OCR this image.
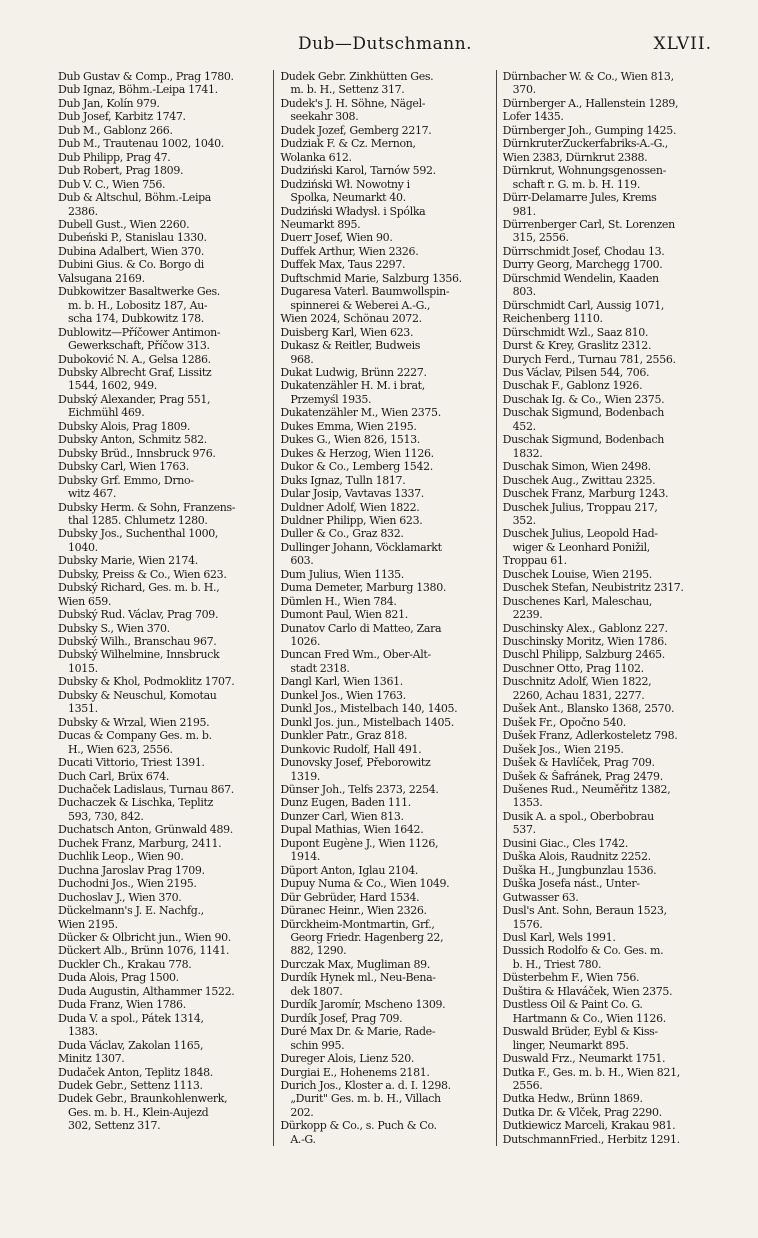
Dub—Dutschmann.	XLVII.
Dub Gustav & Comp., Prag 1780.
Dub Ignaz, Böhm.-Leipa 1741.
Dub Jan, Kolín 979.
Dub Josef, Karbitz 1747.
Dub M., Gablonz 266.
Dub M., Trautenau 1002, 1040.
Dub Philipp, Prag 47.
Dub Robert, Prag 1809.
Dub V. C., Wien 756.
Dub & Altschul, Böhm.-Leipa
2386.
Dubell Gust., Wien 2260.
Dubeński P., Stanislau 1330.
Dubina Adalbert, Wien 370.
Dubini Gius. & Co. Borgo di
Valsugana 2169.
Dubkowitzer Basaltwerke Ges.
m. b. H., Lobositz 187, Au-
scha 174, Dubkowitz 178.
Dublowitz—Příčower Antimon-
Gewerkschaft, Příčow 313.
Duboković N. A., Gelsa 1286.
Dubsky Albrecht Graf, Lissitz
1544, 1602, 949.
Dubský Alexander, Prag 551,
Eichmühl 469.
Dubsky Alois, Prag 1809.
Dubsky Anton, Schmitz 582.
Dubsky Brüd., Innsbruck 976.
Dubsky Carl, Wien 1763.
Dubsky Grf. Emmo, Drno-
witz 467.
Dubsky Herm. & Sohn, Franzens-
thal 1285. Chlumetz 1280.
Dubsky Jos., Suchenthal 1000,
1040.
Dubsky Marie, Wien 2174.
Dubsky, Preiss & Co., Wien 623.
Dubský Richard, Ges. m. b. H.,
Wien 659.
Dubský Rud. Václav, Prag 709.
Dubsky S., Wien 370.
Dubský Wilh., Branschau 967.
Dubský Wilhelmine, Innsbruck
1015.
Dubsky & Khol, Podmoklitz 1707.
Dubsky & Neuschul, Komotau
1351.
Dubsky & Wrzal, Wien 2195.
Ducas & Company Ges. m. b.
H., Wien 623, 2556.
Ducati Vittorio, Triest 1391.
Duch Carl, Brüx 674.
Duchaček Ladislaus, Turnau 867.
Duchaczek & Lischka, Teplitz
593, 730, 842.
Duchatsch Anton, Grünwald 489.
Duchek Franz, Marburg, 2411.
Duchlik Leop., Wien 90.
Duchna Jaroslav Prag 1709.
Duchodni Jos., Wien 2195.
Duchoslav J., Wien 370.
Dückelmann's J. E. Nachfg.,
Wien 2195.
Dücker & Olbricht jun., Wien 90.
Dückert Alb., Brünn 1076, 1141.
Duckler Ch., Krakau 778.
Duda Alois, Prag 1500.
Duda Augustin, Althammer 1522.
Duda Franz, Wien 1786.
Duda V. a spol., Pátek 1314,
1383.
Duda Václav, Zakolan 1165,
Minitz 1307.
Dudaček Anton, Teplitz 1848.
Dudek Gebr., Settenz 1113.
Dudek Gebr., Braunkohlenwerk,
Ges. m. b. H., Klein-Aujezd
302, Settenz 317.
Dudek Gebr. Zinkhütten Ges.
m. b. H., Settenz 317.
Dudek's J. H. Söhne, Nägel-
seekahr 308.
Dudek Jozef, Gemberg 2217.
Dudziak F. & Cz. Mernon,
Wolanka 612.
Dudziński Karol, Tarnów 592.
Dudziński Wł. Nowotny i
Spolka, Neumarkt 40.
Dudziński Władysł. i Spólka
Neumarkt 895.
Duerr Josef, Wien 90.
Duffek Arthur, Wien 2326.
Duffek Max, Taus 2297.
Duftschmid Marie, Salzburg 1356.
Dugaresa Vaterl. Baumwollspin-
spinnerei & Weberei A.-G.,
Wien 2024, Schönau 2072.
Duisberg Karl, Wien 623.
Dukasz & Reitler, Budweis
968.
Dukat Ludwig, Brünn 2227.
Dukatenzähler H. M. i brat,
Przemyśl 1935.
Dukatenzähler M., Wien 2375.
Dukes Emma, Wien 2195.
Dukes G., Wien 826, 1513.
Dukes & Herzog, Wien 1126.
Dukor & Co., Lemberg 1542.
Duks Ignaz, Tulln 1817.
Dular Josip, Vavtavas 1337.
Duldner Adolf, Wien 1822.
Duldner Philipp, Wien 623.
Duller & Co., Graz 832.
Dullinger Johann, Vöcklamarkt
603.
Dum Julius, Wien 1135.
Duma Demeter, Marburg 1380.
Dümlen H., Wien 784.
Dumont Paul, Wien 821.
Dunatov Carlo di Matteo, Zara
1026.
Duncan Fred Wm., Ober-Alt-
stadt 2318.
Dangl Karl, Wien 1361.
Dunkel Jos., Wien 1763.
Dunkl Jos., Mistelbach 140, 1405.
Dunkl Jos. jun., Mistelbach 1405.
Dunkler Patr., Graz 818.
Dunkovic Rudolf, Hall 491.
Dunovsky Josef, Přeborowitz
1319.
Dünser Joh., Telfs 2373, 2254.
Dunz Eugen, Baden 111.
Dunzer Carl, Wien 813.
Dupal Mathias, Wien 1642.
Dupont Eugène J., Wien 1126,
1914.
Düport Anton, Iglau 2104.
Dupuy Numa & Co., Wien 1049.
Dür Gebrüder, Hard 1534.
Düranec Heinr., Wien 2326.
Dürckheim-Montmartin, Grf.,
Georg Friedr. Hagenberg 22,
882, 1290.
Durczak Max, Mugliman 89.
Durdík Hynek ml., Neu-Bena-
dek 1807.
Durdík Jaromír, Mscheno 1309.
Durdík Josef, Prag 709.
Duré Max Dr. & Marie, Rade-
schin 995.
Dureger Alois, Lienz 520.
Durgiai E., Hohenems 2181.
Durich Jos., Kloster a. d. I. 1298.
„Durit" Ges. m. b. H., Villach
202.
Dürkopp & Co., s. Puch & Co.
A.-G.
Dürnbacher W. & Co., Wien 813,
370.
Dürnberger A., Hallenstein 1289,
Lofer 1435.
Dürnberger Joh., Gumping 1425.
DürnkruterZuckerfabriks-A.-G.,
Wien 2383, Dürnkrut 2388.
Dürnkrut, Wohnungsgenossen-
schaft r. G. m. b. H. 119.
Dürr-Delamarre Jules, Krems
981.
Dürrenberger Carl, St. Lorenzen
315, 2556.
Dürrschmidt Josef, Chodau 13.
Durry Georg, Marchegg 1700.
Dürschmid Wendelin, Kaaden
803.
Dürschmidt Carl, Aussig 1071,
Reichenberg 1110.
Dürschmidt Wzl., Saaz 810.
Durst & Krey, Graslitz 2312.
Durych Ferd., Turnau 781, 2556.
Dus Václav, Pilsen 544, 706.
Duschak F., Gablonz 1926.
Duschak Ig. & Co., Wien 2375.
Duschak Sigmund, Bodenbach
452.
Duschak Sigmund, Bodenbach
1832.
Duschak Simon, Wien 2498.
Duschek Aug., Zwittau 2325.
Duschek Franz, Marburg 1243.
Duschek Julius, Troppau 217,
352.
Duschek Julius, Leopold Had-
wiger & Leonhard Ponižil,
Troppau 61.
Duschek Louise, Wien 2195.
Duschek Stefan, Neubistritz 2317.
Duschenes Karl, Maleschau,
2239.
Duschinsky Alex., Gablonz 227.
Duschinsky Moritz, Wien 1786.
Duschl Philipp, Salzburg 2465.
Duschner Otto, Prag 1102.
Duschnitz Adolf, Wien 1822,
2260, Achau 1831, 2277.
Dušek Ant., Blansko 1368, 2570.
Dušek Fr., Opočno 540.
Dušek Franz, Adlerkosteletz 798.
Dušek Jos., Wien 2195.
Dušek & Havlíček, Prag 709.
Dušek & Šafránek, Prag 2479.
Dušenes Rud., Neuměřitz 1382,
1353.
Dusik A. a spol., Oberbobrau
537.
Dusini Giac., Cles 1742.
Duška Alois, Raudnitz 2252.
Duška H., Jungbunzlau 1536.
Duška Josefa nást., Unter-
Gutwasser 63.
Dusl's Ant. Sohn, Beraun 1523,
1576.
Dusl Karl, Wels 1991.
Dussich Rodolfo & Co. Ges. m.
b. H., Triest 780.
Düsterbehm F., Wien 756.
Duštira & Hlaváček, Wien 2375.
Dustless Oil & Paint Co. G.
Hartmann & Co., Wien 1126.
Duswald Brüder, Eybl & Kiss-
linger, Neumarkt 895.
Duswald Frz., Neumarkt 1751.
Dutka F., Ges. m. b. H., Wien 821,
2556.
Dutka Hedw., Brünn 1869.
Dutka Dr. & Vlček, Prag 2290.
Dutkiewicz Marceli, Krakau 981.
DutschmannFried., Herbitz 1291.
